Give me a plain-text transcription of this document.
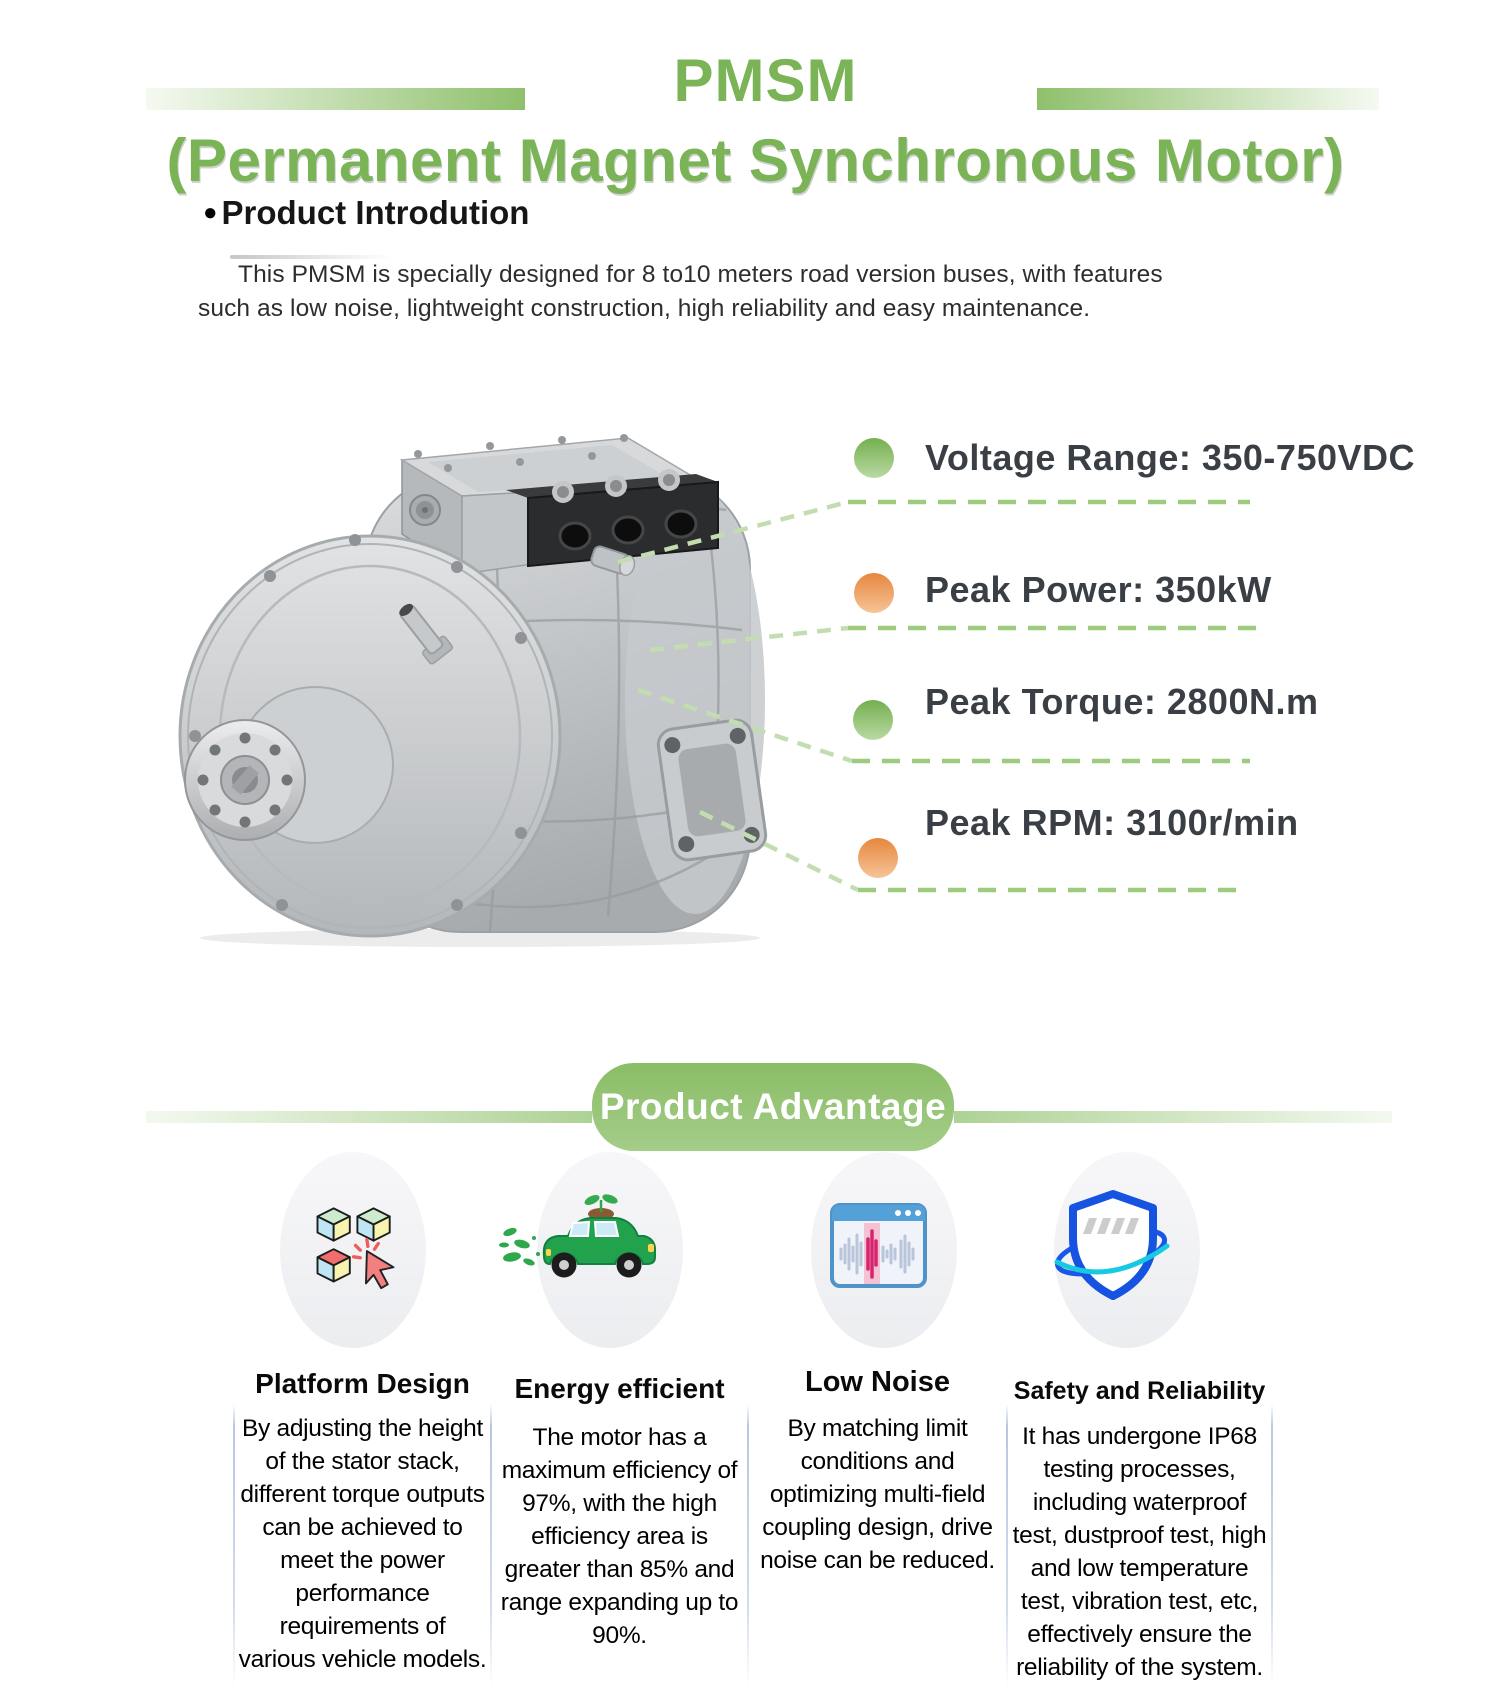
PMSM
(Permanent Magnet Synchronous Motor)
● Product Introdution

This PMSM is specially designed for 8 to10 meters road version buses, with features such as low noise, lightweight construction, high reliability and easy maintenance.

Voltage Range: 350-750VDC
Peak Power: 350kW
Peak Torque: 2800N.m
Peak RPM: 3100r/min
Product Advantage
Platform Design	Energy efficient	Low Noise	Safety and Reliability
By adjusting the height of the stator stack, different torque outputs can be achieved to meet the power performance requirements of various vehicle models.
The motor has a maximum efficiency of 97%, with the high efficiency area is greater than 85% and range expanding up to 90%.
By matching limit conditions and optimizing multi-field coupling design, drive noise can be reduced.
It has undergone IP68 testing processes, including waterproof test, dustproof test, high and low temperature test, vibration test, etc, effectively ensure the reliability of the system.
